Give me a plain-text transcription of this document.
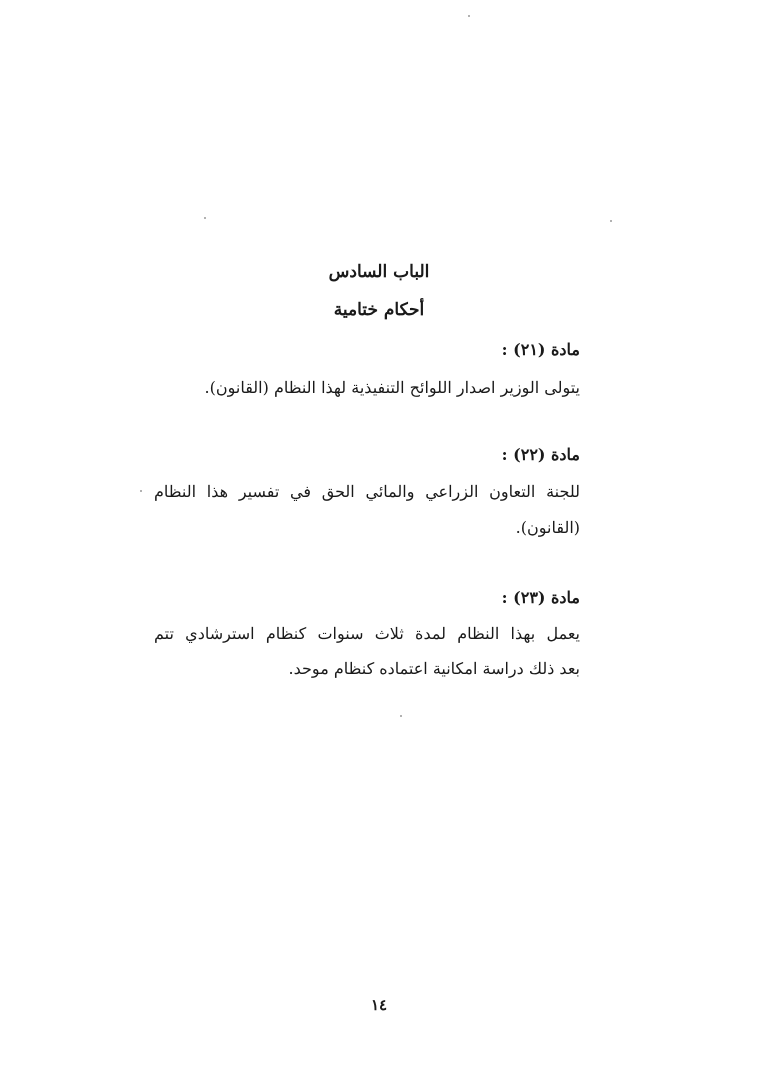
الباب السادس
أحكام ختامية
مادة (٢١) :
يتولى الوزير اصدار اللوائح التنفيذية لهذا النظام (القانون).
مادة (٢٢) :
للجنة التعاون الزراعي والمائي الحق في تفسير هذا النظام
(القانون).
مادة (٢٣) :
يعمل بهذا النظام لمدة ثلاث سنوات كنظام استرشادي تتم
بعد ذلك دراسة امكانية اعتماده كنظام موحد.
١٤
